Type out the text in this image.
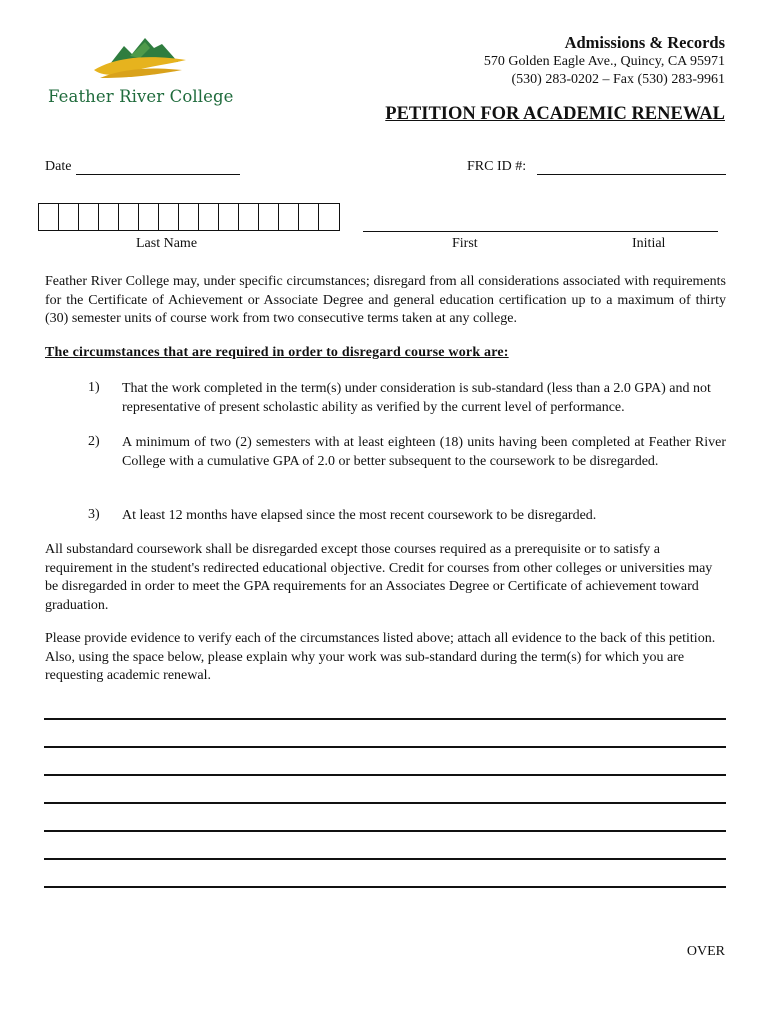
Feather River College
Admissions & Records
570 Golden Eagle Ave., Quincy, CA 95971
(530) 283-0202 – Fax (530) 283-9961
PETITION FOR ACADEMIC RENEWAL
Date	FRC ID #:
Last Name	First	Initial
Feather River College may, under specific circumstances; disregard from all considerations associated with requirements for the Certificate of Achievement or Associate Degree and general education certification up to a maximum of thirty (30) semester units of course work from two consecutive terms taken at any college.
The circumstances that are required in order to disregard course work are:
1) That the work completed in the term(s) under consideration is sub-standard (less than a 2.0 GPA) and not representative of present scholastic ability as verified by the current level of performance.
2) A minimum of two (2) semesters with at least eighteen (18) units having been completed at Feather River College with a cumulative GPA of 2.0 or better subsequent to the coursework to be disregarded.
3) At least 12 months have elapsed since the most recent coursework to be disregarded.
All substandard coursework shall be disregarded except those courses required as a prerequisite or to satisfy a requirement in the student's redirected educational objective. Credit for courses from other colleges or universities may be disregarded in order to meet the GPA requirements for an Associates Degree or Certificate of achievement toward graduation.
Please provide evidence to verify each of the circumstances listed above; attach all evidence to the back of this petition. Also, using the space below, please explain why your work was sub-standard during the term(s) for which you are requesting academic renewal.
OVER
